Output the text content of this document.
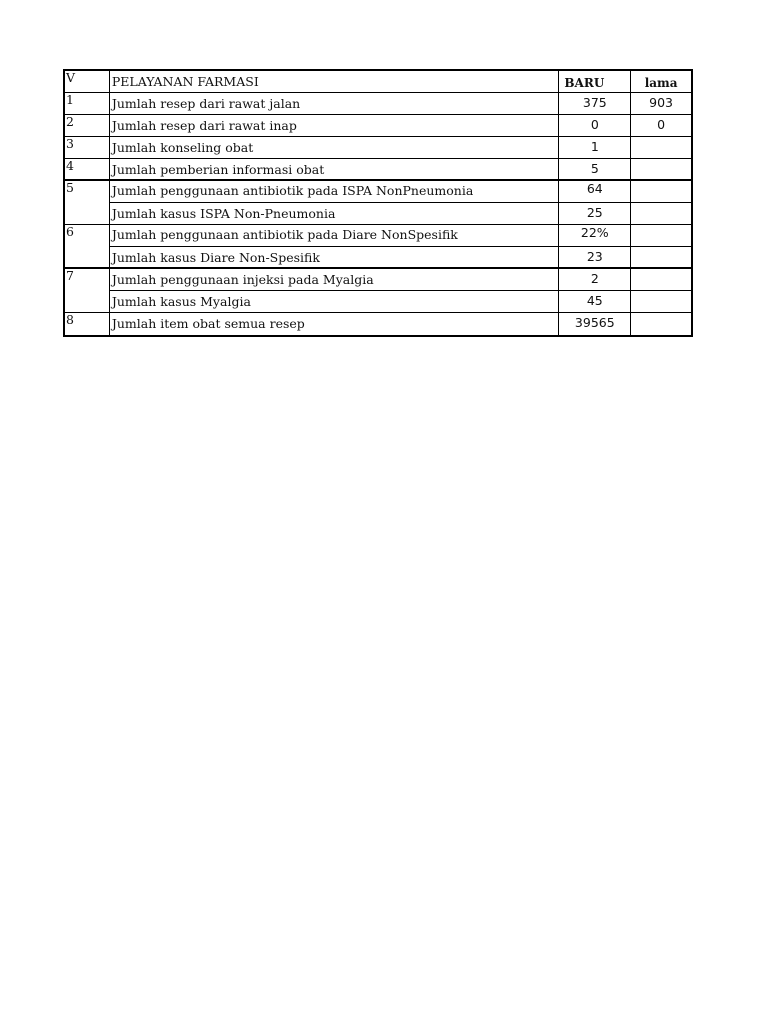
V	PELAYANAN FARMASI	BARU	lama
1	Jumlah resep dari rawat jalan	375	903
2	Jumlah resep dari rawat inap	0	0
3	Jumlah konseling obat	1
4	Jumlah pemberian informasi obat	5
5	Jumlah penggunaan antibiotik pada ISPA NonPneumonia	64
Jumlah kasus ISPA Non-Pneumonia	25
6	Jumlah penggunaan antibiotik pada Diare NonSpesifik	22%
Jumlah kasus Diare Non-Spesifik	23
7	Jumlah penggunaan injeksi pada Myalgia	2
Jumlah kasus Myalgia	45
8	Jumlah item obat semua resep	39565
